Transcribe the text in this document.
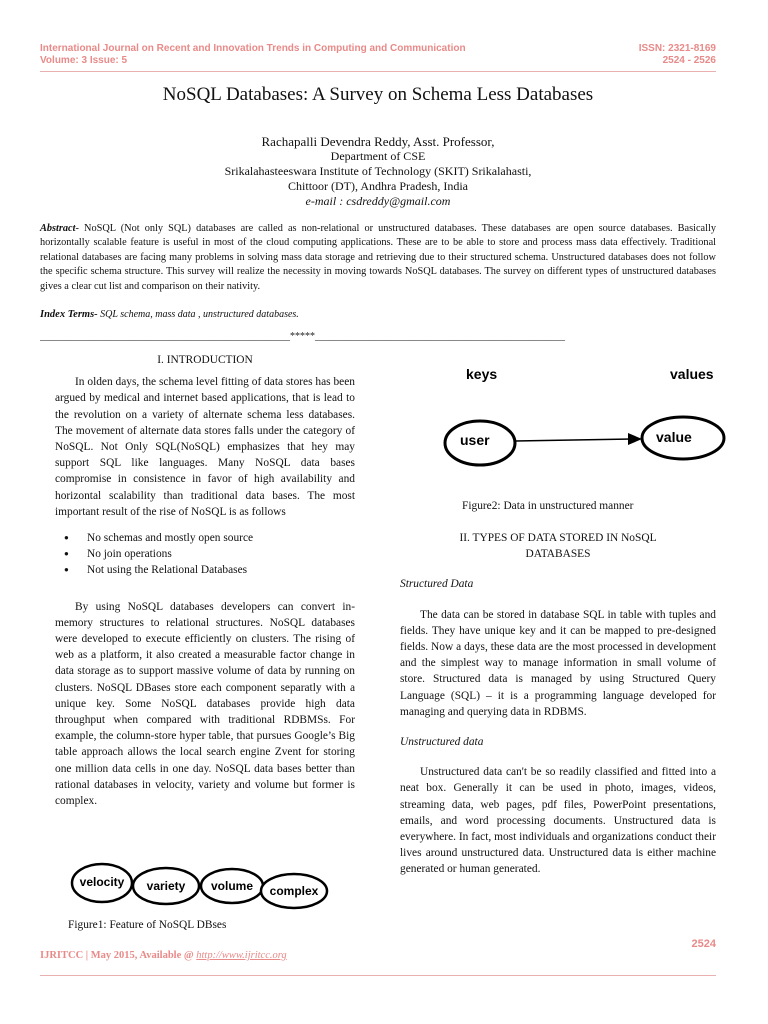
International Journal on Recent and Innovation Trends in Computing and Communication
Volume: 3 Issue: 5
ISSN: 2321-8169
2524 - 2526
NoSQL Databases: A Survey on Schema Less Databases
Rachapalli Devendra Reddy, Asst. Professor,
Department of CSE
Srikalahasteeswara Institute of Technology (SKIT) Srikalahasti,
Chittoor (DT), Andhra Pradesh, India
e-mail : csdreddy@gmail.com
Abstract- NoSQL (Not only SQL) databases are called as non-relational or unstructured databases. These databases are open source databases. Basically horizontally scalable feature is useful in most of the cloud computing applications. These are to be able to store and process mass data effectively. Traditional relational databases are facing many problems in solving mass data storage and retrieving due to their structured schema. Unstructured databases does not follow the specific schema structure. This survey will realize the necessity in moving towards NoSQL databases. The survey on different types of unstructured databases gives a clear cut list and comparison on their nativity.
Index Terms- SQL schema, mass data , unstructured databases.
__________________________________________________*****__________________________________________________
I. INTRODUCTION

In olden days, the schema level fitting of data stores has been argued by medical and internet based applications, that is lead to the revolution on a variety of alternate schema less databases. The movement of alternate data stores falls under the category of NoSQL. Not Only SQL(NoSQL) emphasizes that hey may support SQL like languages. Many NoSQL data bases compromise in consistence in favor of high availability and horizontal scalability than traditional data bases. The most important result of the rise of NoSQL is as follows

● No schemas and mostly open source
● No join operations
● Not using the Relational Databases

By using NoSQL databases developers can convert in-memory structures to relational structures. NoSQL databases were developed to execute efficiently on clusters. The rising of web as a platform, it also created a measurable factor change in data storage as to support massive volume of data by running on clusters. NoSQL DBases store each component separatly with a unique key. Some NoSQL databases provide high data throughput when compared with traditional RDBMSs. For example, the column-store hyper table, that pursues Google’s Big table approach allows the local search engine Zvent for storing one million data cells in one day. NoSQL data bases better than rational databases in velocity, variety and volume but former is complex.

velocity variety volume complex
Figure1: Feature of NoSQL DBses
keys	values
user	value
Figure2: Data in unstructured manner
II. TYPES OF DATA STORED IN NoSQL
DATABASES
Structured Data

The data can be stored in database SQL in table with tuples and fields. They have unique key and it can be mapped to pre-designed fields. Now a days, these data are the most processed in development and the simplest way to manage information in small volume of store. Structured data is managed by using Structured Query Language (SQL) – it is a programming language developed for managing and querying data in RDBMS.

Unstructured data

Unstructured data can't be so readily classified and fitted into a neat box. Generally it can be used in photo, images, videos, streaming data, web pages, pdf files, PowerPoint presentations, emails, and word processing documents. Unstructured data is everywhere. In fact, most individuals and organizations conduct their lives around unstructured data. Unstructured data is either machine generated or human generated.

2524
IJRITCC | May 2015, Available @ http://www.ijritcc.org
